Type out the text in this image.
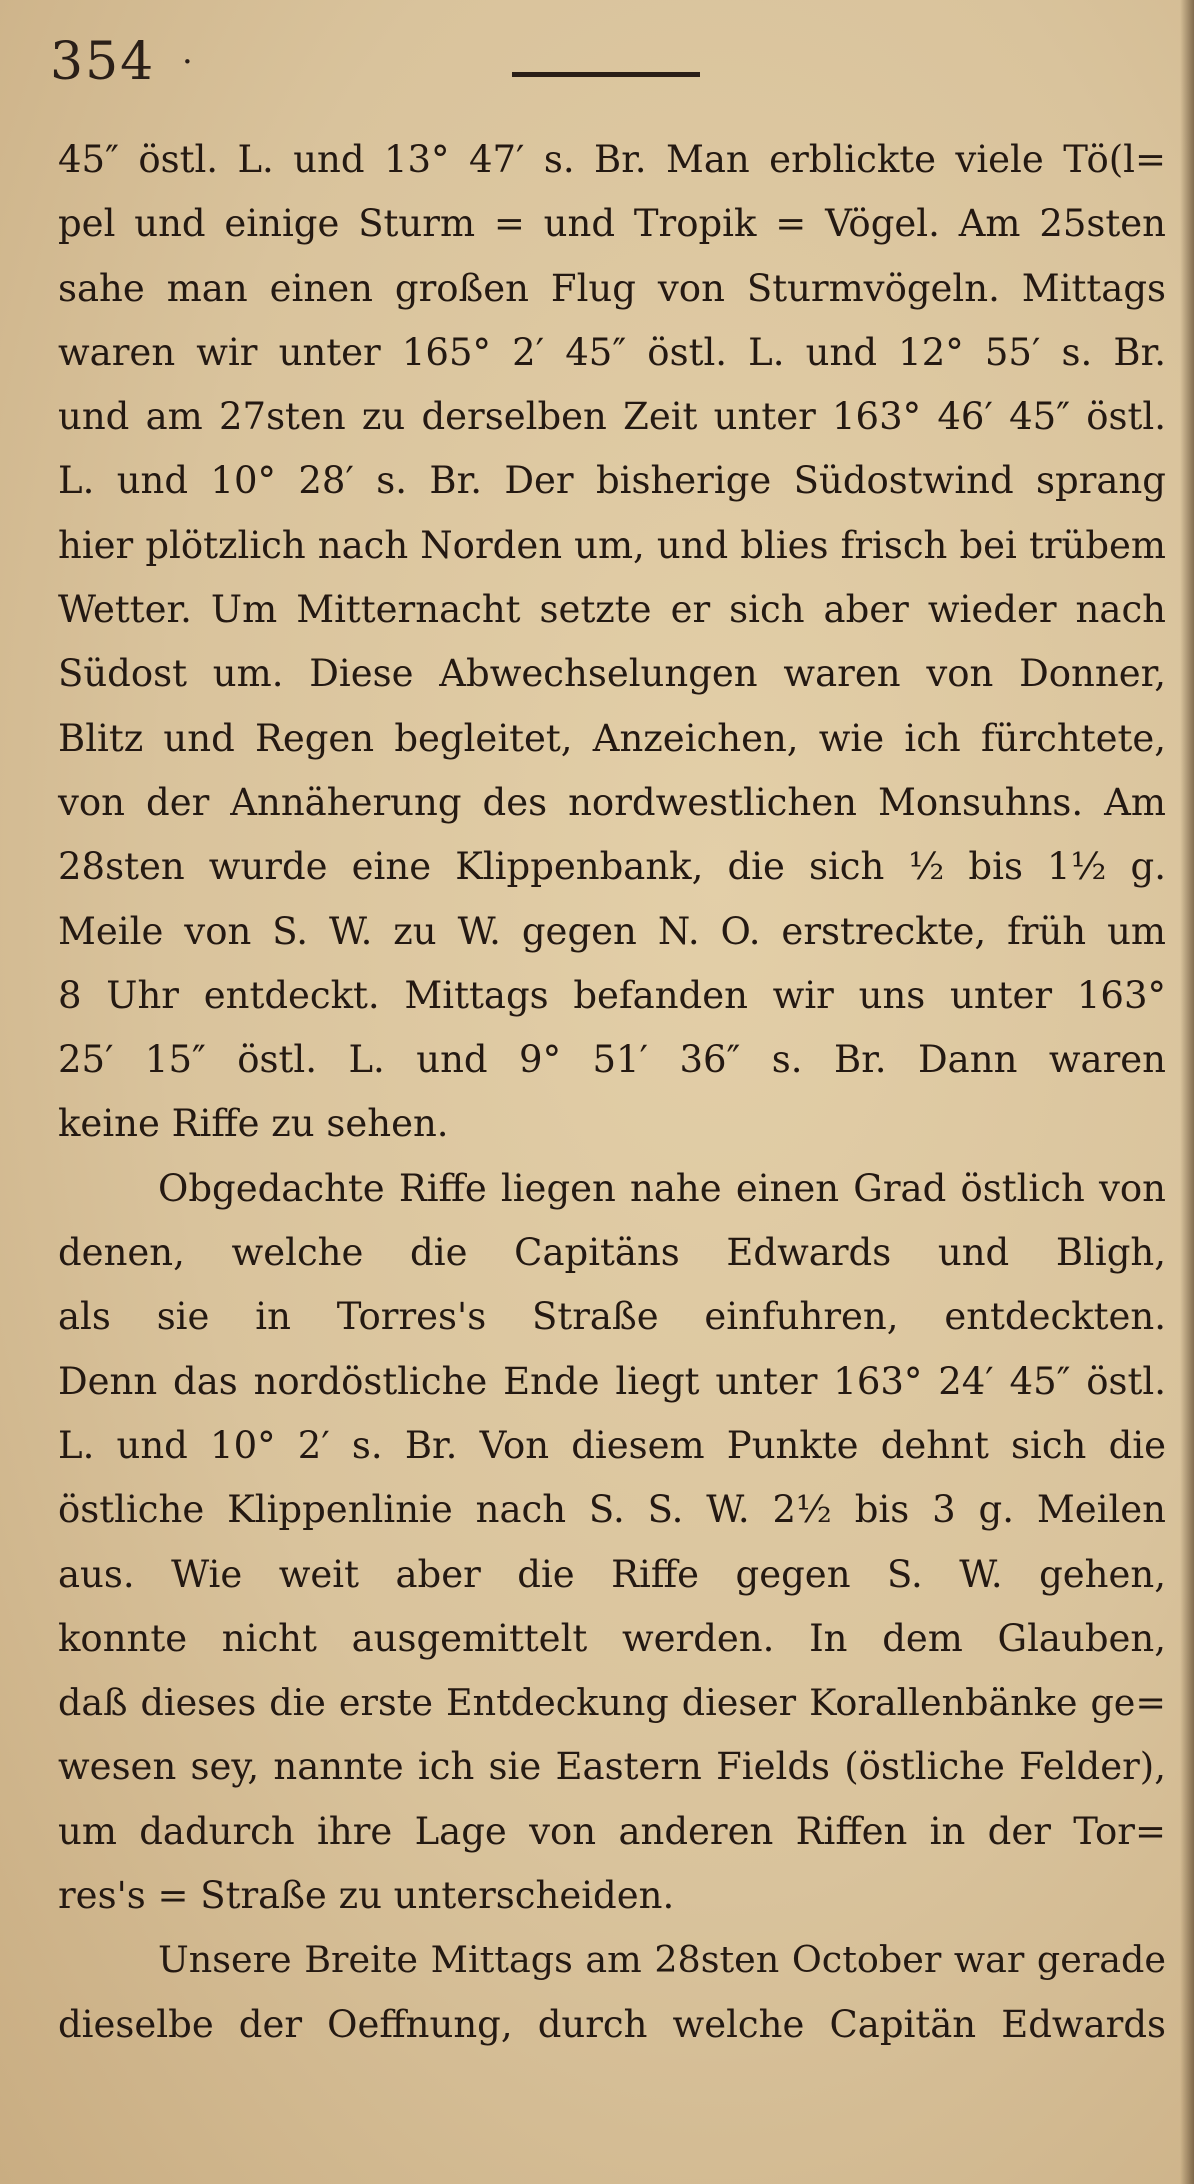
354 ·
45″ östl. L. und 13° 47′ s. Br. Man erblickte viele Tö(l=
pel und einige Sturm = und Tropik = Vögel. Am 25sten
sahe man einen großen Flug von Sturmvögeln. Mittags
waren wir unter 165° 2′ 45″ östl. L. und 12° 55′ s. Br.
und am 27sten zu derselben Zeit unter 163° 46′ 45″ östl.
L. und 10° 28′ s. Br. Der bisherige Südostwind sprang
hier plötzlich nach Norden um, und blies frisch bei trübem
Wetter. Um Mitternacht setzte er sich aber wieder nach
Südost um. Diese Abwechselungen waren von Donner,
Blitz und Regen begleitet, Anzeichen, wie ich fürchtete,
von der Annäherung des nordwestlichen Monsuhns. Am
28sten wurde eine Klippenbank, die sich ½ bis 1½ g.
Meile von S. W. zu W. gegen N. O. erstreckte, früh um
8 Uhr entdeckt. Mittags befanden wir uns unter 163°
25′ 15″ östl. L. und 9° 51′ 36″ s. Br. Dann waren
keine Riffe zu sehen.
Obgedachte Riffe liegen nahe einen Grad östlich von
denen, welche die Capitäns Edwards und Bligh,
als sie in Torres's Straße einfuhren, entdeckten.
Denn das nordöstliche Ende liegt unter 163° 24′ 45″ östl.
L. und 10° 2′ s. Br. Von diesem Punkte dehnt sich die
östliche Klippenlinie nach S. S. W. 2½ bis 3 g. Meilen
aus. Wie weit aber die Riffe gegen S. W. gehen,
konnte nicht ausgemittelt werden. In dem Glauben,
daß dieses die erste Entdeckung dieser Korallenbänke ge=
wesen sey, nannte ich sie Eastern Fields (östliche Felder),
um dadurch ihre Lage von anderen Riffen in der Tor=
res's = Straße zu unterscheiden.
Unsere Breite Mittags am 28sten October war gerade
dieselbe der Oeffnung, durch welche Capitän Edwards
